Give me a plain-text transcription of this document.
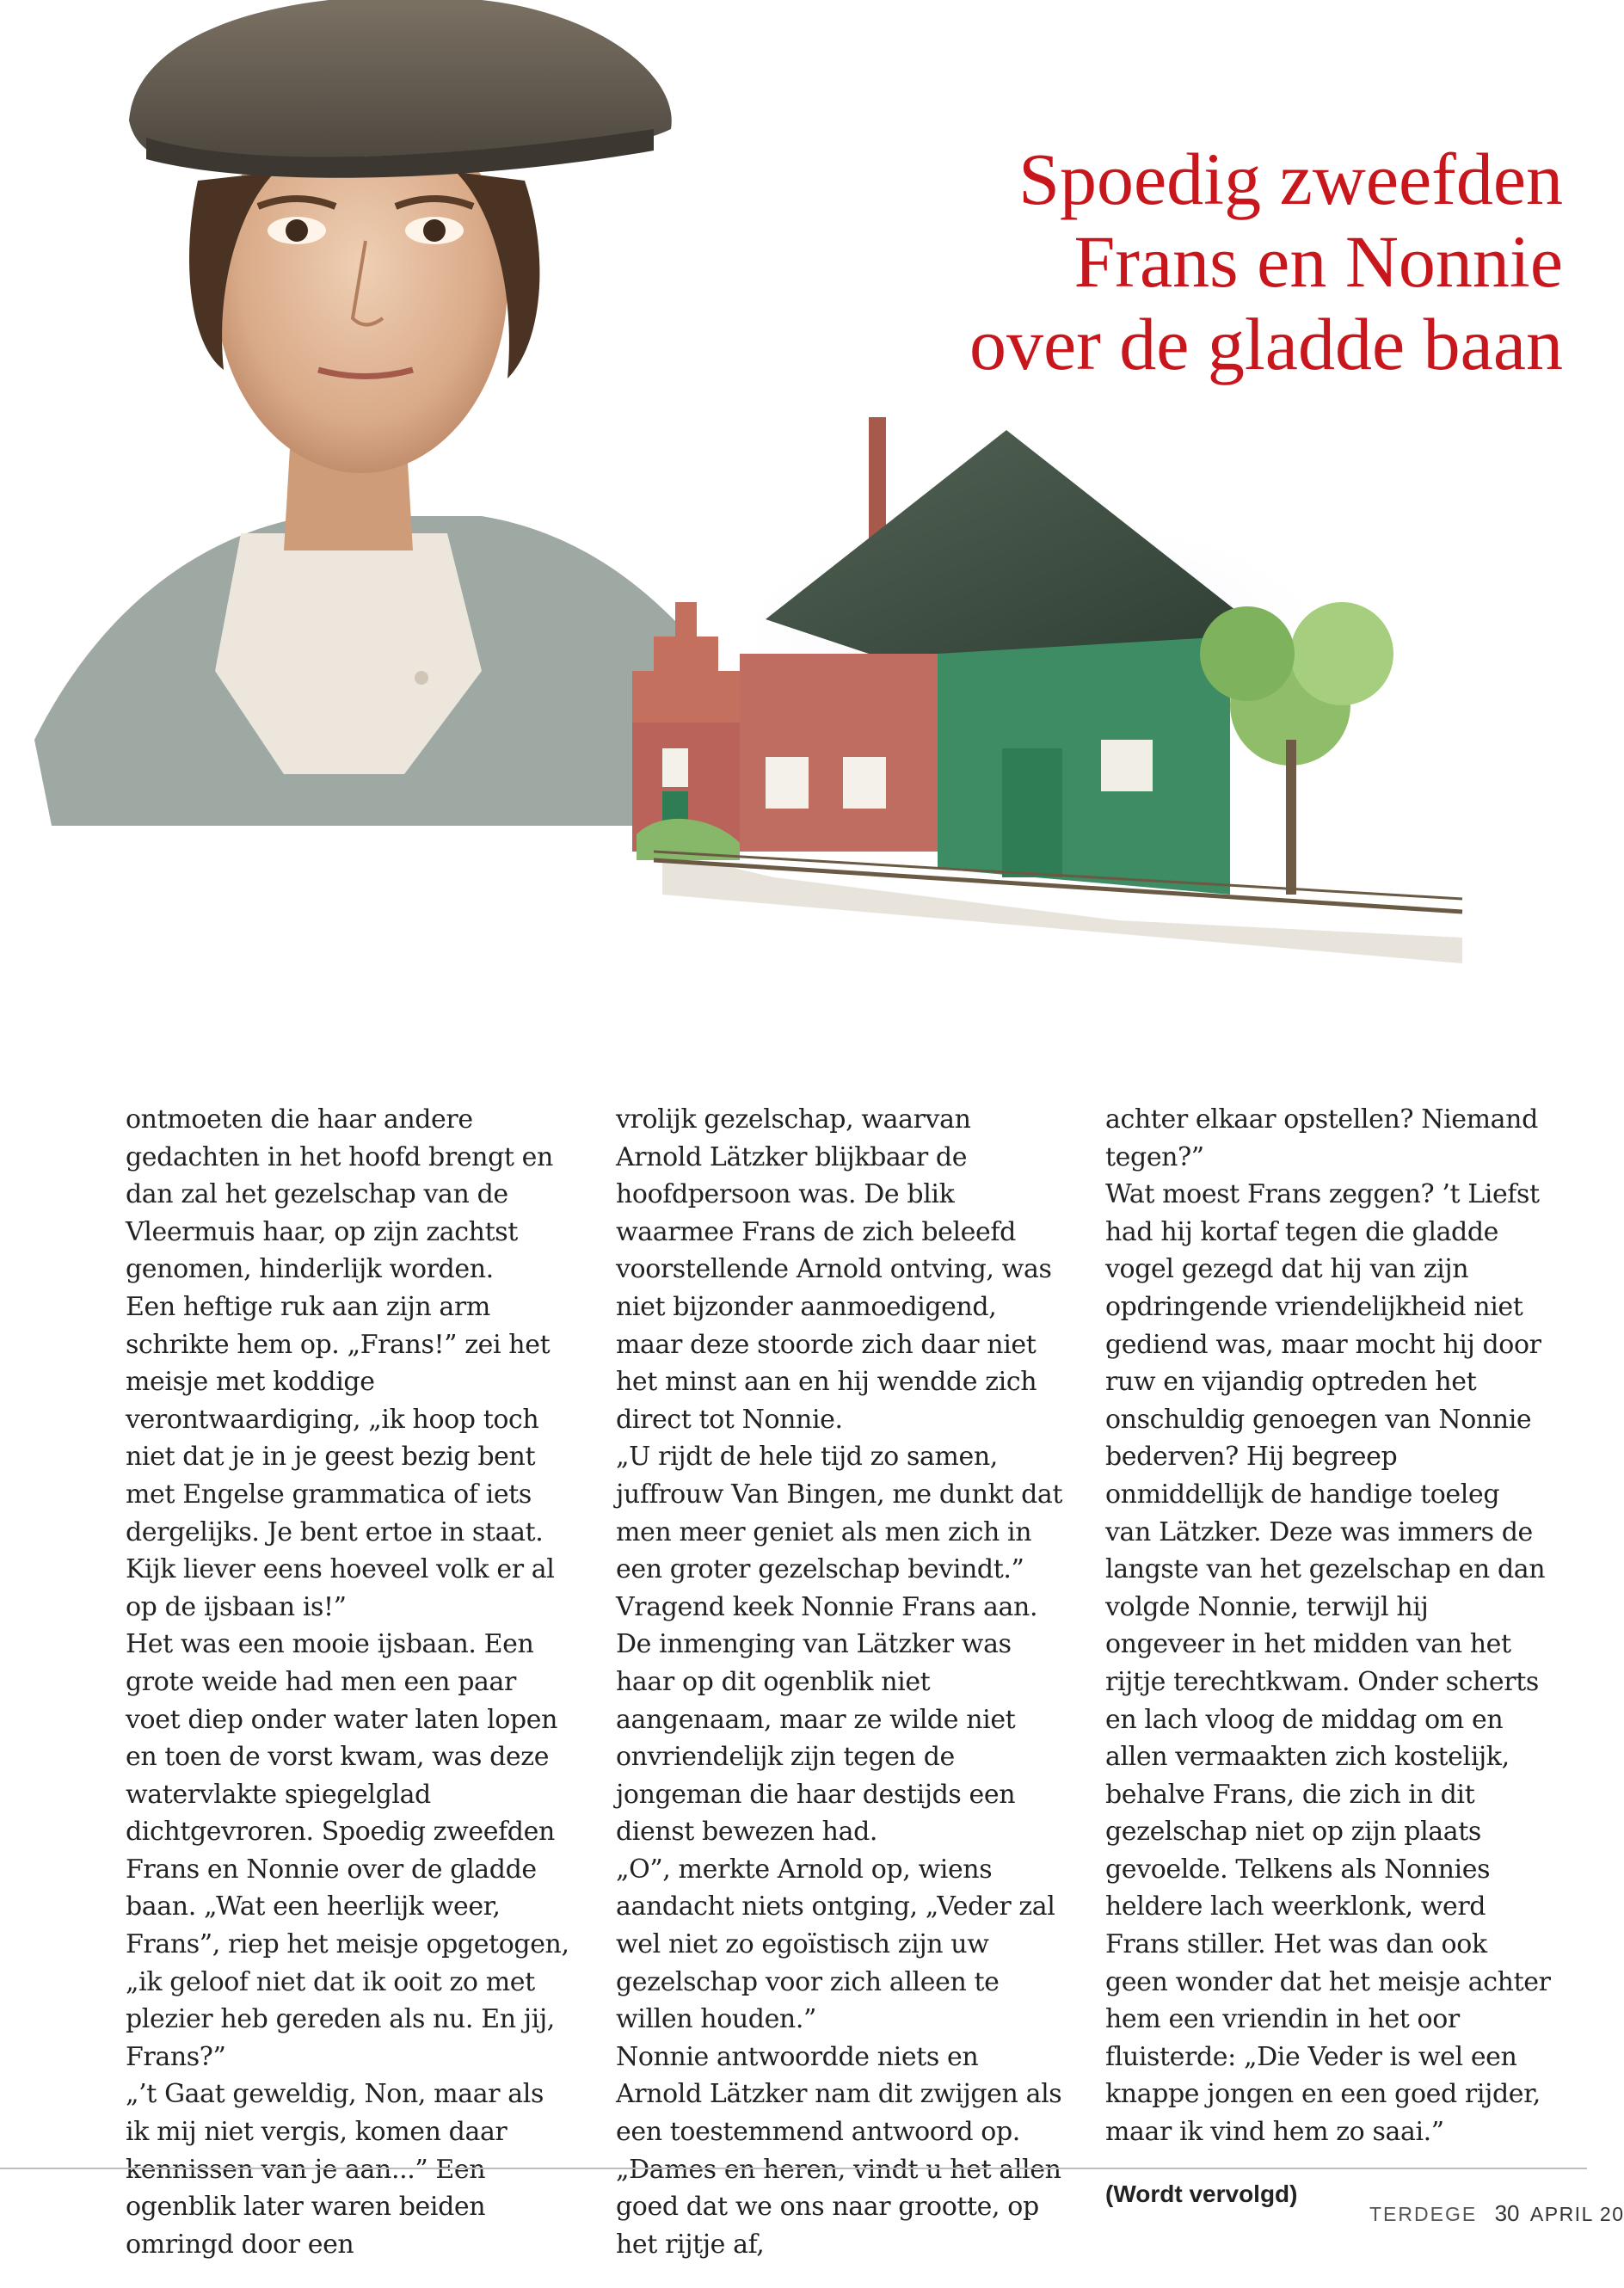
Spoedig zweefden
Frans en Nonnie
over de gladde baan

ontmoeten die haar andere gedachten in het hoofd brengt en dan zal het gezelschap van de Vleermuis haar, op zijn zachtst genomen, hinderlijk worden.

Een heftige ruk aan zijn arm schrikte hem op. „Frans!” zei het meisje met koddige verontwaardiging, „ik hoop toch niet dat je in je geest bezig bent met Engelse grammatica of iets dergelijks. Je bent ertoe in staat. Kijk liever eens hoeveel volk er al op de ijsbaan is!”

Het was een mooie ijsbaan. Een grote weide had men een paar voet diep onder water laten lopen en toen de vorst kwam, was deze watervlakte spiegelglad dichtgevroren. Spoedig zweefden Frans en Nonnie over de gladde baan. „Wat een heerlijk weer, Frans”, riep het meisje opgetogen, „ik geloof niet dat ik ooit zo met plezier heb gereden als nu. En jij, Frans?”

„’t Gaat geweldig, Non, maar als ik mij niet vergis, komen daar kennissen van je aan...” Een ogenblik later waren beiden omringd door een

vrolijk gezelschap, waarvan Arnold Lätzker blijkbaar de hoofdpersoon was. De blik waarmee Frans de zich beleefd voorstellende Arnold ontving, was niet bijzonder aanmoedigend, maar deze stoorde zich daar niet het minst aan en hij wendde zich direct tot Nonnie.

„U rijdt de hele tijd zo samen, juffrouw Van Bingen, me dunkt dat men meer geniet als men zich in een groter gezelschap bevindt.”

Vragend keek Nonnie Frans aan. De inmenging van Lätzker was haar op dit ogenblik niet aangenaam, maar ze wilde niet onvriendelijk zijn tegen de jongeman die haar destijds een dienst bewezen had.

„O”, merkte Arnold op, wiens aandacht niets ontging, „Veder zal wel niet zo egoïstisch zijn uw gezelschap voor zich alleen te willen houden.”

Nonnie antwoordde niets en Arnold Lätzker nam dit zwijgen als een toestemmend antwoord op. „Dames en heren, vindt u het allen goed dat we ons naar grootte, op het rijtje af,

achter elkaar opstellen? Niemand tegen?”

Wat moest Frans zeggen? ’t Liefst had hij kortaf tegen die gladde vogel gezegd dat hij van zijn opdringende vriendelijkheid niet gediend was, maar mocht hij door ruw en vijandig optreden het onschuldig genoegen van Nonnie bederven? Hij begreep onmiddellijk de handige toeleg van Lätzker. Deze was immers de langste van het gezelschap en dan volgde Nonnie, terwijl hij ongeveer in het midden van het rijtje terechtkwam. Onder scherts en lach vloog de middag om en allen vermaakten zich kostelijk, behalve Frans, die zich in dit gezelschap niet op zijn plaats gevoelde. Telkens als Nonnies heldere lach weerklonk, werd Frans stiller. Het was dan ook geen wonder dat het meisje achter hem een vriendin in het oor fluisterde: „Die Veder is wel een knappe jongen en een goed rijder, maar ik vind hem zo saai.”

(Wordt vervolgd)

TERDEGE 30 APRIL 20
